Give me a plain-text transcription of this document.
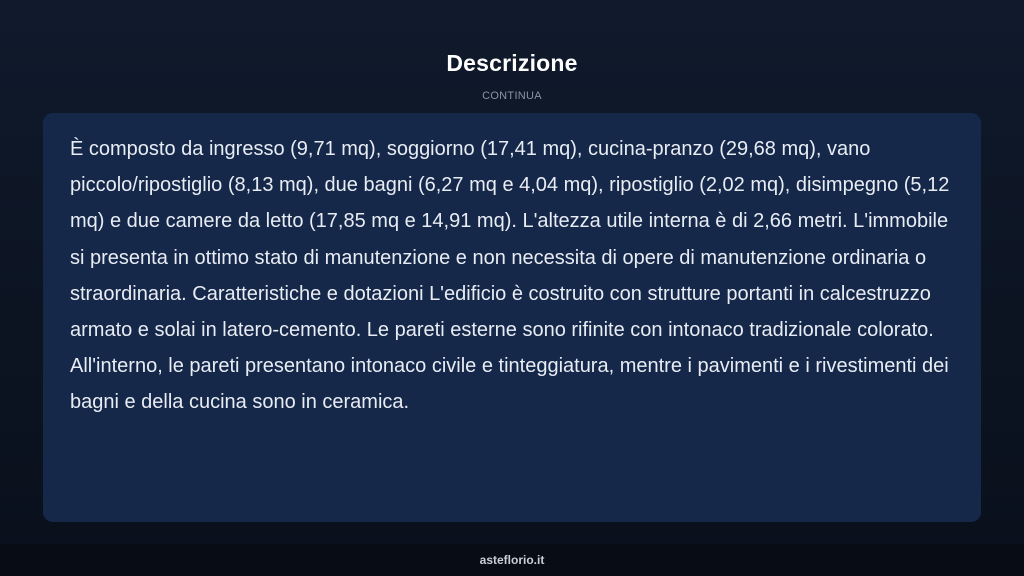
Descrizione
CONTINUA

È composto da ingresso (9,71 mq), soggiorno (17,41 mq), cucina-pranzo (29,68 mq), vano piccolo/ripostiglio (8,13 mq), due bagni (6,27 mq e 4,04 mq), ripostiglio (2,02 mq), disimpegno (5,12 mq) e due camere da letto (17,85 mq e 14,91 mq). L'altezza utile interna è di 2,66 metri. L'immobile si presenta in ottimo stato di manutenzione e non necessita di opere di manutenzione ordinaria o straordinaria. Caratteristiche e dotazioni L'edificio è costruito con strutture portanti in calcestruzzo armato e solai in latero-cemento. Le pareti esterne sono rifinite con intonaco tradizionale colorato. All'interno, le pareti presentano intonaco civile e tinteggiatura, mentre i pavimenti e i rivestimenti dei bagni e della cucina sono in ceramica.

asteflorio.it
